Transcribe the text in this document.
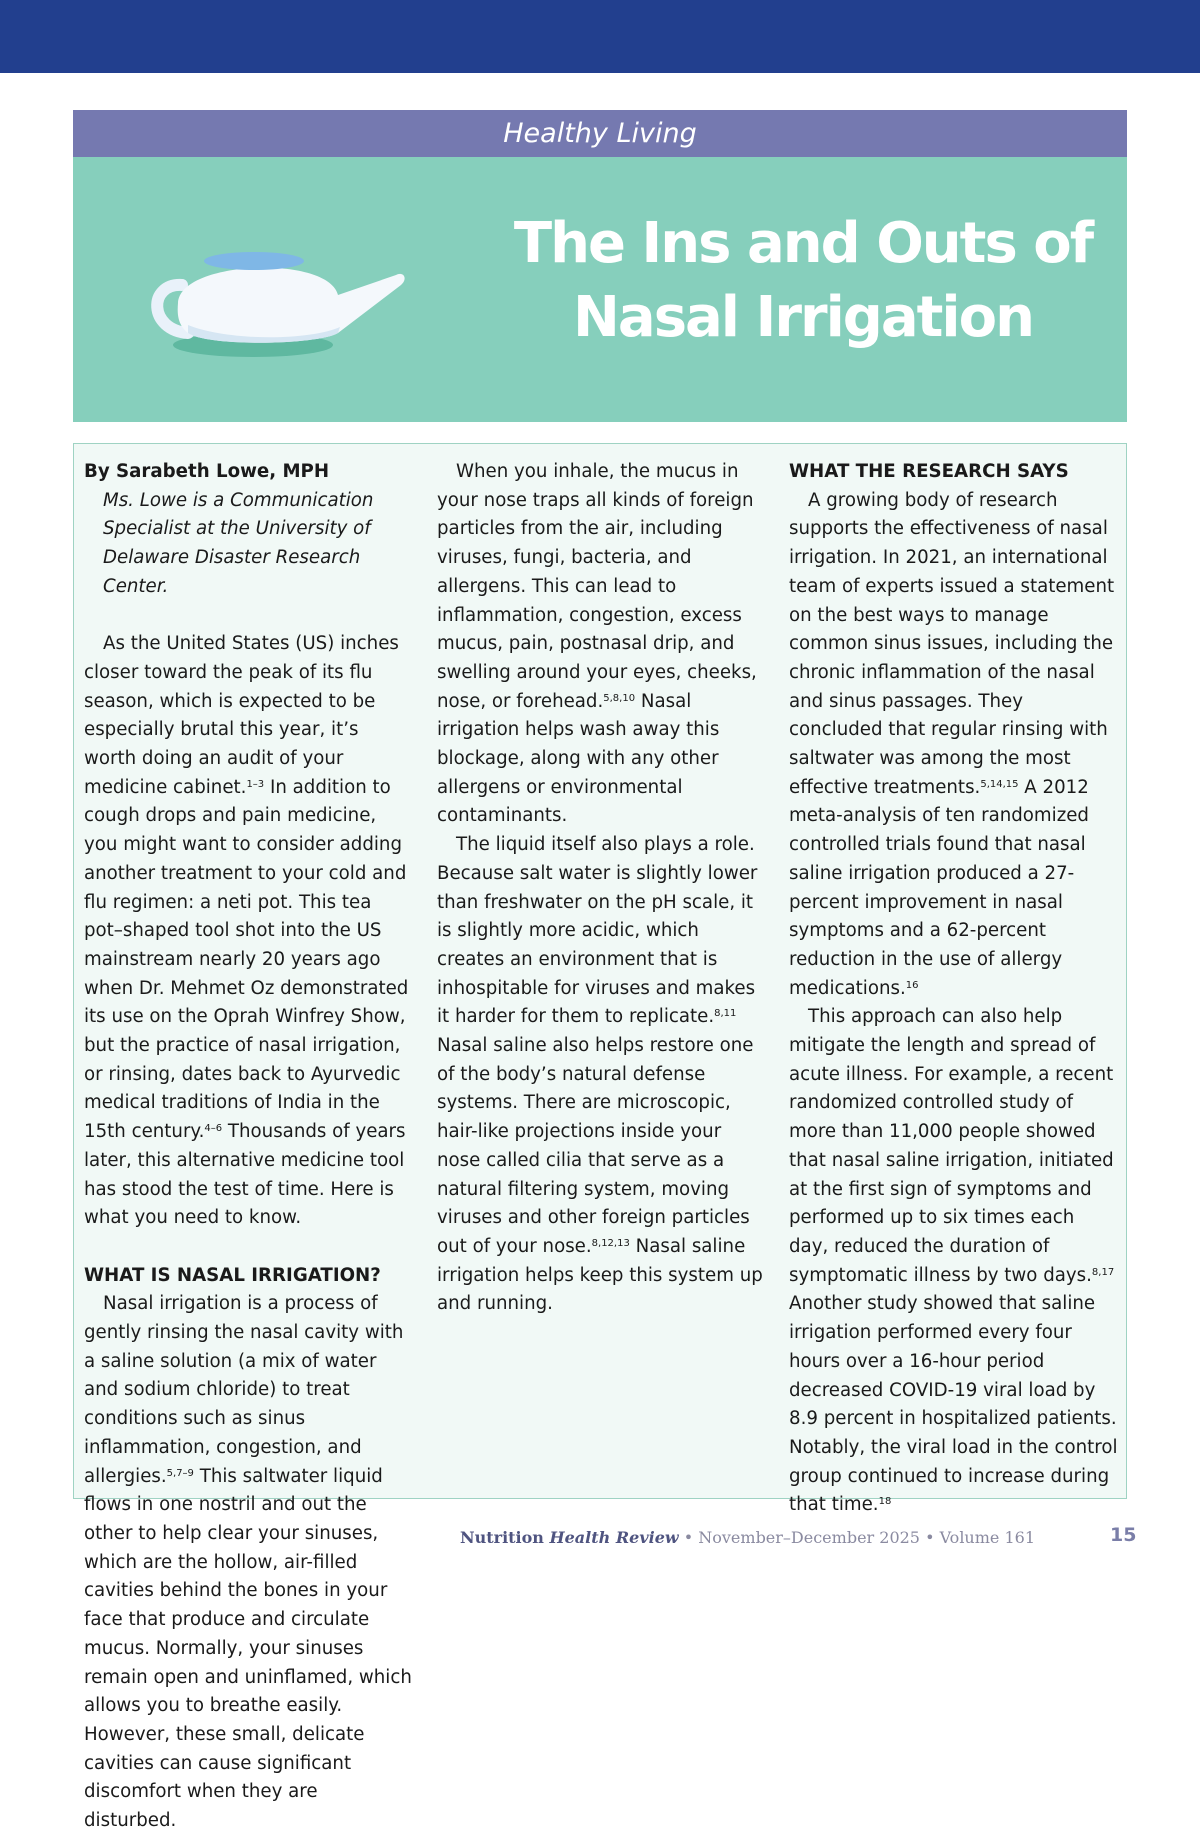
Healthy Living
The Ins and Outs of
Nasal Irrigation

By Sarabeth Lowe, MPH

Ms. Lowe is a Communication Specialist at the University of Delaware Disaster Research Center.

As the United States (US) inches closer toward the peak of its flu season, which is expected to be especially brutal this year, it’s worth doing an audit of your medicine cabinet.$^{1-3}$ In addition to cough drops and pain medicine, you might want to consider adding another treatment to your cold and flu regimen: a neti pot. This tea pot–shaped tool shot into the US mainstream nearly 20 years ago when Dr. Mehmet Oz demonstrated its use on the Oprah Winfrey Show, but the practice of nasal irrigation, or rinsing, dates back to Ayurvedic medical traditions of India in the 15th century.$^{4-6}$ Thousands of years later, this alternative medicine tool has stood the test of time. Here is what you need to know.

WHAT IS NASAL IRRIGATION?

Nasal irrigation is a process of gently rinsing the nasal cavity with a saline solution (a mix of water and sodium chloride) to treat conditions such as sinus inflammation, congestion, and allergies.$^{5,7-9}$ This saltwater liquid flows in one nostril and out the other to help clear your sinuses, which are the hollow, air-filled cavities behind the bones in your face that produce and circulate mucus. Normally, your sinuses remain open and uninflamed, which allows you to breathe easily. However, these small, delicate cavities can cause significant discomfort when they are disturbed.

When you inhale, the mucus in your nose traps all kinds of foreign particles from the air, including viruses, fungi, bacteria, and allergens. This can lead to inflammation, congestion, excess mucus, pain, postnasal drip, and swelling around your eyes, cheeks, nose, or forehead.$^{5,8,10}$ Nasal irrigation helps wash away this blockage, along with any other allergens or environmental contaminants.

The liquid itself also plays a role. Because salt water is slightly lower than freshwater on the pH scale, it is slightly more acidic, which creates an environment that is inhospitable for viruses and makes it harder for them to replicate.$^{8,11}$ Nasal saline also helps restore one of the body’s natural defense systems. There are microscopic, hair-like projections inside your nose called cilia that serve as a natural filtering system, moving viruses and other foreign particles out of your nose.$^{8,12,13}$ Nasal saline irrigation helps keep this system up and running.

WHAT THE RESEARCH SAYS

A growing body of research supports the effectiveness of nasal irrigation. In 2021, an international team of experts issued a statement on the best ways to manage common sinus issues, including the chronic inflammation of the nasal and sinus passages. They concluded that regular rinsing with saltwater was among the most effective treatments.$^{5,14,15}$ A 2012 meta-analysis of ten randomized controlled trials found that nasal saline irrigation produced a 27-percent improvement in nasal symptoms and a 62-percent reduction in the use of allergy medications.$^{16}$

This approach can also help mitigate the length and spread of acute illness. For example, a recent randomized controlled study of more than 11,000 people showed that nasal saline irrigation, initiated at the first sign of symptoms and performed up to six times each day, reduced the duration of symptomatic illness by two days.$^{8,17}$ Another study showed that saline irrigation performed every four hours over a 16-hour period decreased COVID-19 viral load by 8.9 percent in hospitalized patients. Notably, the viral load in the control group continued to increase during that time.$^{18}$

Nutrition Health Review • November–December 2025 • Volume 161	15
